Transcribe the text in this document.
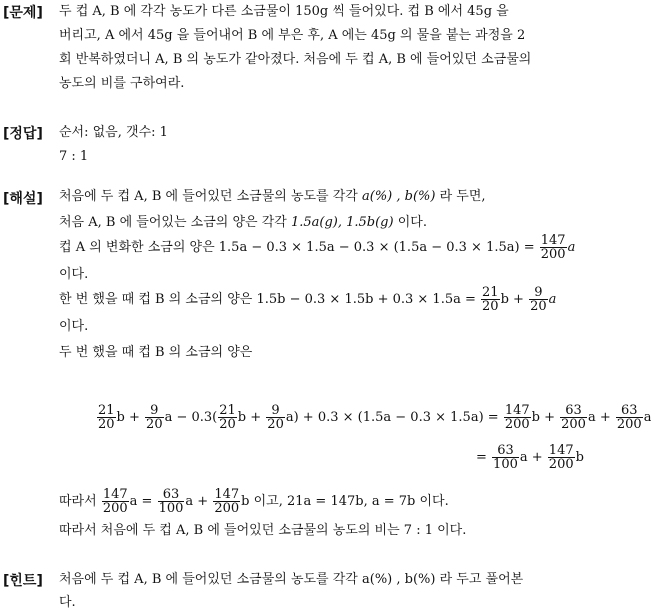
[문제] 두 컵 A, B 에 각각 농도가 다른 소금물이 150g 씩 들어있다. 컵 B 에서 45g 을
버리고, A 에서 45g 을 들어내어 B 에 부은 후, A 에는 45g 의 물을 붙는 과정을 2
회 반복하였더니 A, B 의 농도가 같아졌다. 처음에 두 컵 A, B 에 들어있던 소금물의
농도의 비를 구하여라.
[정답] 순서: 없음, 갯수: 1
7 : 1
[해설] 처음에 두 컵 A, B 에 들어있던 소금물의 농도를 각각 a(%) , b(%) 라 두면,
처음 A, B 에 들어있는 소금의 양은 각각 1.5a(g), 1.5b(g) 이다.
컵 A 의 변화한 소금의 양은 $1.5a - 0.3 \times 1.5a - 0.3 \times (1.5a - 0.3 \times 1.5a) = \frac{147}{200}$ a
이다.
한 번 했을 때 컵 B 의 소금의 양은 $1.5b - 0.3 \times 1.5b + 0.3 \times 1.5a = \frac{21}{20}$ $b + \frac{9}{20}$ a
이다.
두 번 했을 때 컵 B 의 소금의 양은
$\frac{21}{20}$ $b + \frac{9}{20}$ $a - 0.3( \frac{21}{20}$ $b + \frac{9}{20} a) + 0.3 \times (1.5a - 0.3 \times 1.5a) = \frac{147}{200}$ $b + \frac{63}{200}$ $a + \frac{63}{200}$ a
= $\frac{63}{100}$ $a + \frac{147}{200}$ b
따라서 $\frac{147}{200}$ $a = \frac{63}{100}$ $a + \frac{147}{200}$ b 이고, 21a = 147b, a = 7b 이다.
따라서 처음에 두 컵 A, B 에 들어있던 소금물의 농도의 비는 7 : 1 이다.
[힌트] 처음에 두 컵 A, B 에 들어있던 소금물의 농도를 각각 a(%) , b(%) 라 두고 풀어본
다.
